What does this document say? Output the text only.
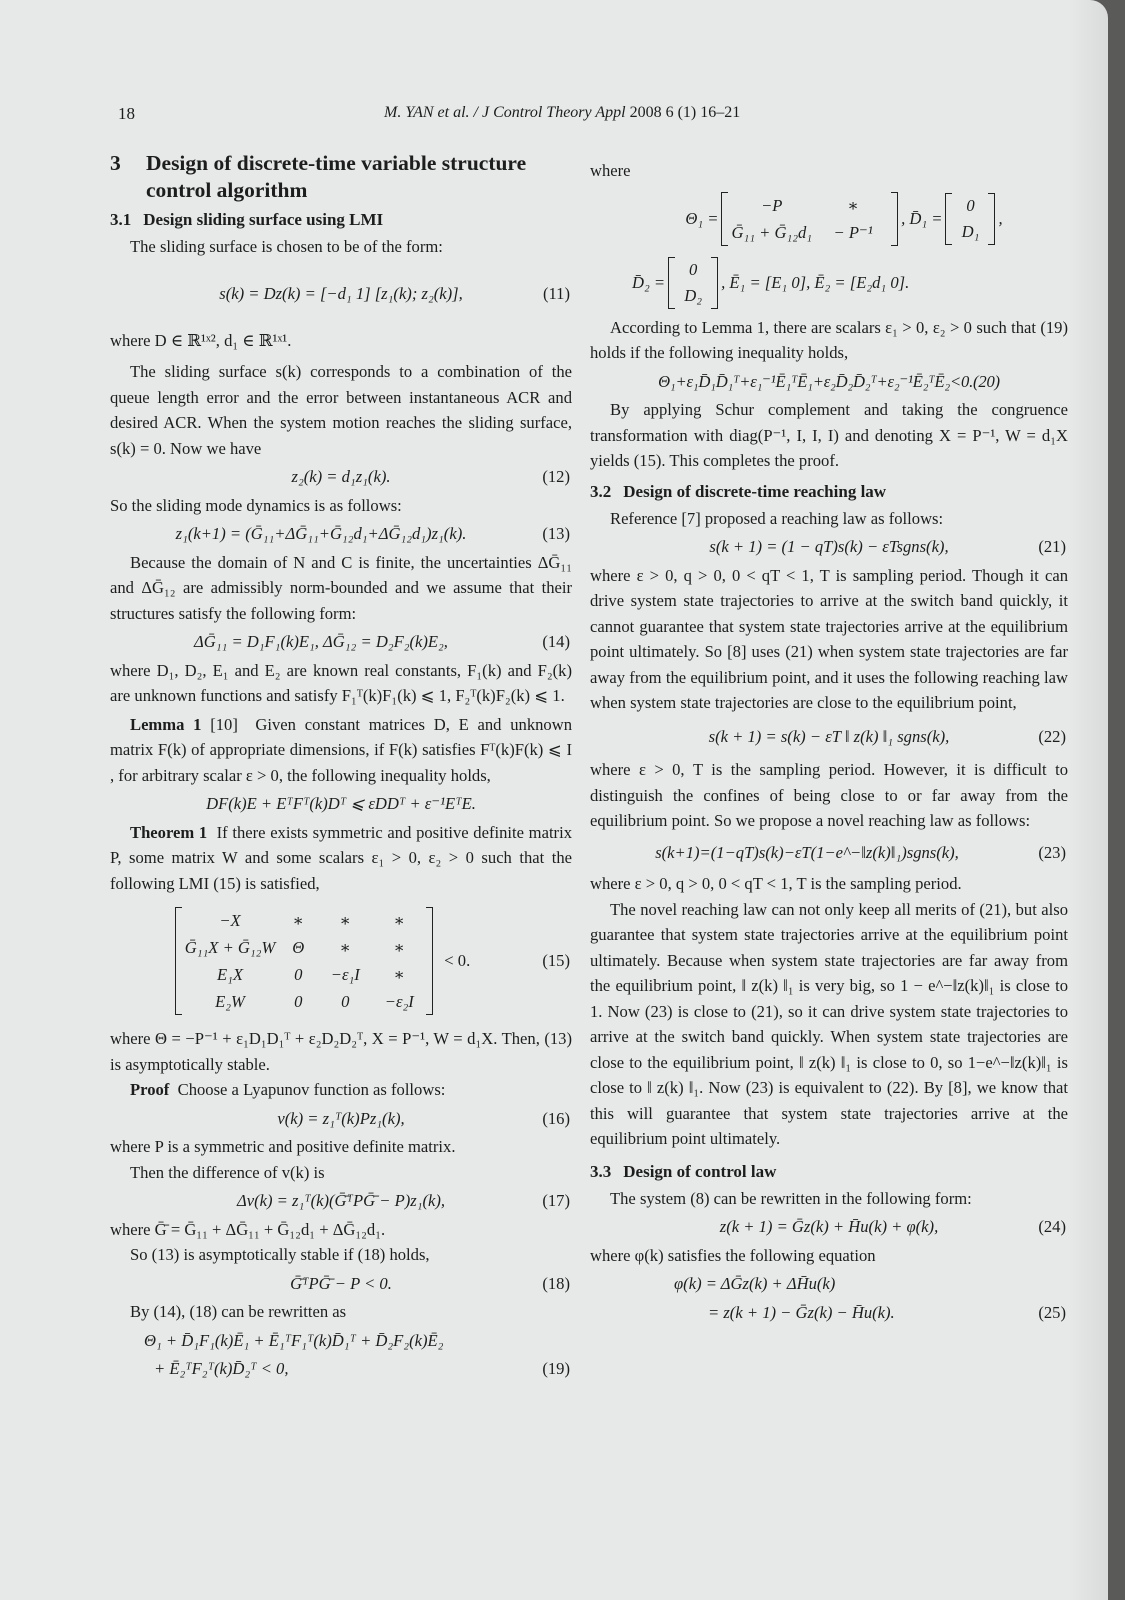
18	M. YAN et al. / J Control Theory Appl 2008 6 (1) 16–21
3	Design of discrete-time variable structure control algorithm
3.1 Design sliding surface using LMI

The sliding surface is chosen to be of the form:

s(k) = Dz(k) = [−d₁ 1] [z₁(k); z₂(k)],	(11)

where D ∈ ℝ¹ˣ², d₁ ∈ ℝ¹ˣ¹.

The sliding surface s(k) corresponds to a combination of the queue length error and the error between instantaneous ACR and desired ACR. When the system motion reaches the sliding surface, s(k) = 0. Now we have

z₂(k) = d₁z₁(k).	(12)

So the sliding mode dynamics is as follows:

z₁(k+1) = (Ḡ₁₁+ΔḠ₁₁+Ḡ₁₂d₁+ΔḠ₁₂d₁)z₁(k).	(13)

Because the domain of N and C is finite, the uncertainties ΔḠ₁₁ and ΔḠ₁₂ are admissibly norm-bounded and we assume that their structures satisfy the following form:

ΔḠ₁₁ = D₁F₁(k)E₁, ΔḠ₁₂ = D₂F₂(k)E₂,	(14)

where D₁, D₂, E₁ and E₂ are known real constants, F₁(k) and F₂(k) are unknown functions and satisfy F₁ᵀ(k)F₁(k) ⩽ 1, F₂ᵀ(k)F₂(k) ⩽ 1.

Lemma 1 [10] Given constant matrices D, E and unknown matrix F(k) of appropriate dimensions, if F(k) satisfies Fᵀ(k)F(k) ⩽ I , for arbitrary scalar ε > 0, the following inequality holds,

DF(k)E + EᵀFᵀ(k)Dᵀ ⩽ εDDᵀ + ε⁻¹EᵀE.

Theorem 1 If there exists symmetric and positive definite matrix P, some matrix W and some scalars ε₁ > 0, ε₂ > 0 such that the following LMI (15) is satisfied,

−X	∗	∗	∗
Ḡ₁₁X + Ḡ₁₂W	Θ	∗	∗
E₁X	0	−ε₁I	∗
E₂W	0	0	−ε₂I
< 0.	(15)

where Θ = −P⁻¹ + ε₁D₁D₁ᵀ + ε₂D₂D₂ᵀ, X = P⁻¹, W = d₁X. Then, (13) is asymptotically stable.

Proof Choose a Lyapunov function as follows:

v(k) = z₁ᵀ(k)Pz₁(k),	(16)

where P is a symmetric and positive definite matrix.

Then the difference of v(k) is

Δv(k) = z₁ᵀ(k)(Ḡ̄ᵀPḠ̄ − P)z₁(k),	(17)

where Ḡ̄ = Ḡ₁₁ + ΔḠ₁₁ + Ḡ₁₂d₁ + ΔḠ₁₂d₁.

So (13) is asymptotically stable if (18) holds,

Ḡ̄ᵀPḠ̄ − P < 0.	(18)

By (14), (18) can be rewritten as

Θ₁ + D̄₁F₁(k)Ē₁ + Ē₁ᵀF₁ᵀ(k)D̄₁ᵀ + D̄₂F₂(k)Ē₂
+ Ē₂ᵀF₂ᵀ(k)D̄₂ᵀ < 0,	(19)

where

Θ₁ =
−P	∗
Ḡ₁₁ + Ḡ₁₂d₁	− P⁻¹
, D̄₁ =
0
D₁
,
D̄₂ =
0
D₂
, Ē₁ = [E₁ 0], Ē₂ = [E₂d₁ 0].

According to Lemma 1, there are scalars ε₁ > 0, ε₂ > 0 such that (19) holds if the following inequality holds,

Θ₁+ε₁D̄₁D̄₁ᵀ+ε₁⁻¹Ē₁ᵀĒ₁+ε₂D̄₂D̄₂ᵀ+ε₂⁻¹Ē₂ᵀĒ₂<0.(20)

By applying Schur complement and taking the congruence transformation with diag(P⁻¹, I, I, I) and denoting X = P⁻¹, W = d₁X yields (15). This completes the proof.

3.2 Design of discrete-time reaching law

Reference [7] proposed a reaching law as follows:

s(k + 1) = (1 − qT)s(k) − εTsgns(k),	(21)

where ε > 0, q > 0, 0 < qT < 1, T is sampling period. Though it can drive system state trajectories to arrive at the switch band quickly, it cannot guarantee that system state trajectories arrive at the equilibrium point ultimately. So [8] uses (21) when system state trajectories are far away from the equilibrium point, and it uses the following reaching law when system state trajectories are close to the equilibrium point,

s(k + 1) = s(k) − εT ‖ z(k) ‖₁ sgns(k),	(22)

where ε > 0, T is the sampling period. However, it is difficult to distinguish the confines of being close to or far away from the equilibrium point. So we propose a novel reaching law as follows:

s(k+1)=(1−qT)s(k)−εT(1−e^−‖z(k)‖₁)sgns(k),	(23)

where ε > 0, q > 0, 0 < qT < 1, T is the sampling period.

The novel reaching law can not only keep all merits of (21), but also guarantee that system state trajectories arrive at the equilibrium point ultimately. Because when system state trajectories are far away from the equilibrium point, ‖ z(k) ‖₁ is very big, so 1 − e^−‖z(k)‖₁ is close to 1. Now (23) is close to (21), so it can drive system state trajectories to arrive at the switch band quickly. When system state trajectories are close to the equilibrium point, ‖ z(k) ‖₁ is close to 0, so 1−e^−‖z(k)‖₁ is close to ‖ z(k) ‖₁. Now (23) is equivalent to (22). By [8], we know that this will guarantee that system state trajectories arrive at the equilibrium point ultimately.

3.3 Design of control law

The system (8) can be rewritten in the following form:

z(k + 1) = Ḡz(k) + H̄u(k) + φ(k),	(24)

where φ(k) satisfies the following equation

φ(k) = ΔḠz(k) + ΔH̄u(k)
= z(k + 1) − Ḡz(k) − H̄u(k).	(25)
